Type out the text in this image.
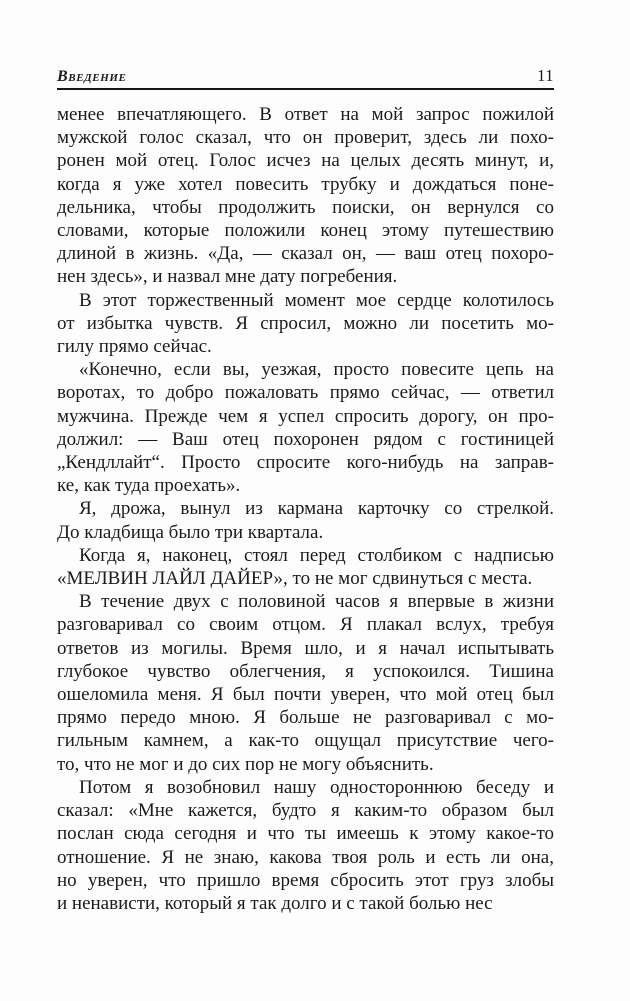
Введение	11
менее впечатляющего. В ответ на мой запрос пожилой
мужской голос сказал, что он проверит, здесь ли похо-
ронен мой отец. Голос исчез на целых десять минут, и,
когда я уже хотел повесить трубку и дождаться поне-
дельника, чтобы продолжить поиски, он вернулся со
словами, которые положили конец этому путешествию
длиной в жизнь. «Да, — сказал он, — ваш отец похоро-
нен здесь», и назвал мне дату погребения.
В этот торжественный момент мое сердце колотилось
от избытка чувств. Я спросил, можно ли посетить мо-
гилу прямо сейчас.
«Конечно, если вы, уезжая, просто повесите цепь на
воротах, то добро пожаловать прямо сейчас, — ответил
мужчина. Прежде чем я успел спросить дорогу, он про-
должил: — Ваш отец похоронен рядом с гостиницей
„Кендллайт“. Просто спросите кого-нибудь на заправ-
ке, как туда проехать».
Я, дрожа, вынул из кармана карточку со стрелкой.
До кладбища было три квартала.
Когда я, наконец, стоял перед столбиком с надписью
«МЕЛВИН ЛАЙЛ ДАЙЕР», то не мог сдвинуться с места.
В течение двух с половиной часов я впервые в жизни
разговаривал со своим отцом. Я плакал вслух, требуя
ответов из могилы. Время шло, и я начал испытывать
глубокое чувство облегчения, я успокоился. Тишина
ошеломила меня. Я был почти уверен, что мой отец был
прямо передо мною. Я больше не разговаривал с мо-
гильным камнем, а как-то ощущал присутствие чего-
то, что не мог и до сих пор не могу объяснить.
Потом я возобновил нашу одностороннюю беседу и
сказал: «Мне кажется, будто я каким-то образом был
послан сюда сегодня и что ты имеешь к этому какое-то
отношение. Я не знаю, какова твоя роль и есть ли она,
но уверен, что пришло время сбросить этот груз злобы
и ненависти, который я так долго и с такой болью нес
